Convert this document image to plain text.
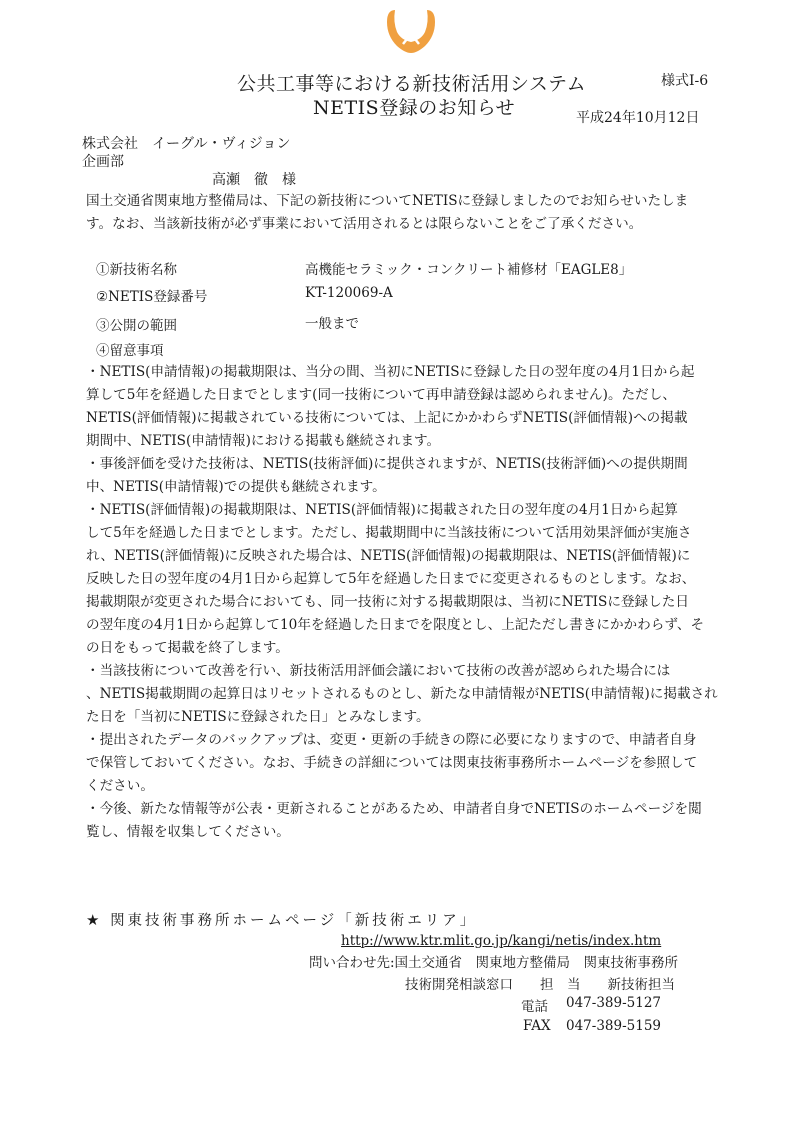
公共工事等における新技術活用システム
NETIS登録のお知らせ
様式Ⅰ-6
平成24年10月12日
株式会社　イーグル・ヴィジョン
企画部
高瀬　徹　様
国土交通省関東地方整備局は、下記の新技術についてNETISに登録しましたのでお知らせいたしま
す。なお、当該新技術が必ず事業において活用されるとは限らないことをご了承ください。
①新技術名称	高機能セラミック・コンクリート補修材「EAGLE8」
②NETIS登録番号	KT-120069-A
③公開の範囲	一般まで
④留意事項
・NETIS(申請情報)の掲載期限は、当分の間、当初にNETISに登録した日の翌年度の4月1日から起
算して5年を経過した日までとします(同一技術について再申請登録は認められません)。ただし、
NETIS(評価情報)に掲載されている技術については、上記にかかわらずNETIS(評価情報)への掲載
期間中、NETIS(申請情報)における掲載も継続されます。
・事後評価を受けた技術は、NETIS(技術評価)に提供されますが、NETIS(技術評価)への提供期間
中、NETIS(申請情報)での提供も継続されます。
・NETIS(評価情報)の掲載期限は、NETIS(評価情報)に掲載された日の翌年度の4月1日から起算
して5年を経過した日までとします。ただし、掲載期間中に当該技術について活用効果評価が実施さ
れ、NETIS(評価情報)に反映された場合は、NETIS(評価情報)の掲載期限は、NETIS(評価情報)に
反映した日の翌年度の4月1日から起算して5年を経過した日までに変更されるものとします。なお、
掲載期限が変更された場合においても、同一技術に対する掲載期限は、当初にNETISに登録した日
の翌年度の4月1日から起算して10年を経過した日までを限度とし、上記ただし書きにかかわらず、そ
の日をもって掲載を終了します。
・当該技術について改善を行い、新技術活用評価会議において技術の改善が認められた場合には
、NETIS掲載期間の起算日はリセットされるものとし、新たな申請情報がNETIS(申請情報)に掲載され
た日を「当初にNETISに登録された日」とみなします。
・提出されたデータのバックアップは、変更・更新の手続きの際に必要になりますので、申請者自身
で保管しておいてください。なお、手続きの詳細については関東技術事務所ホームページを参照して
ください。
・今後、新たな情報等が公表・更新されることがあるため、申請者自身でNETISのホームページを閲
覧し、情報を収集してください。
★ 関東技術事務所ホームページ「新技術エリア」
http://www.ktr.mlit.go.jp/kangi/netis/index.htm
問い合わせ先:国土交通省　関東地方整備局　関東技術事務所
技術開発相談窓口　　担　当　　新技術担当
電話 047-389-5127
FAX 047-389-5159
